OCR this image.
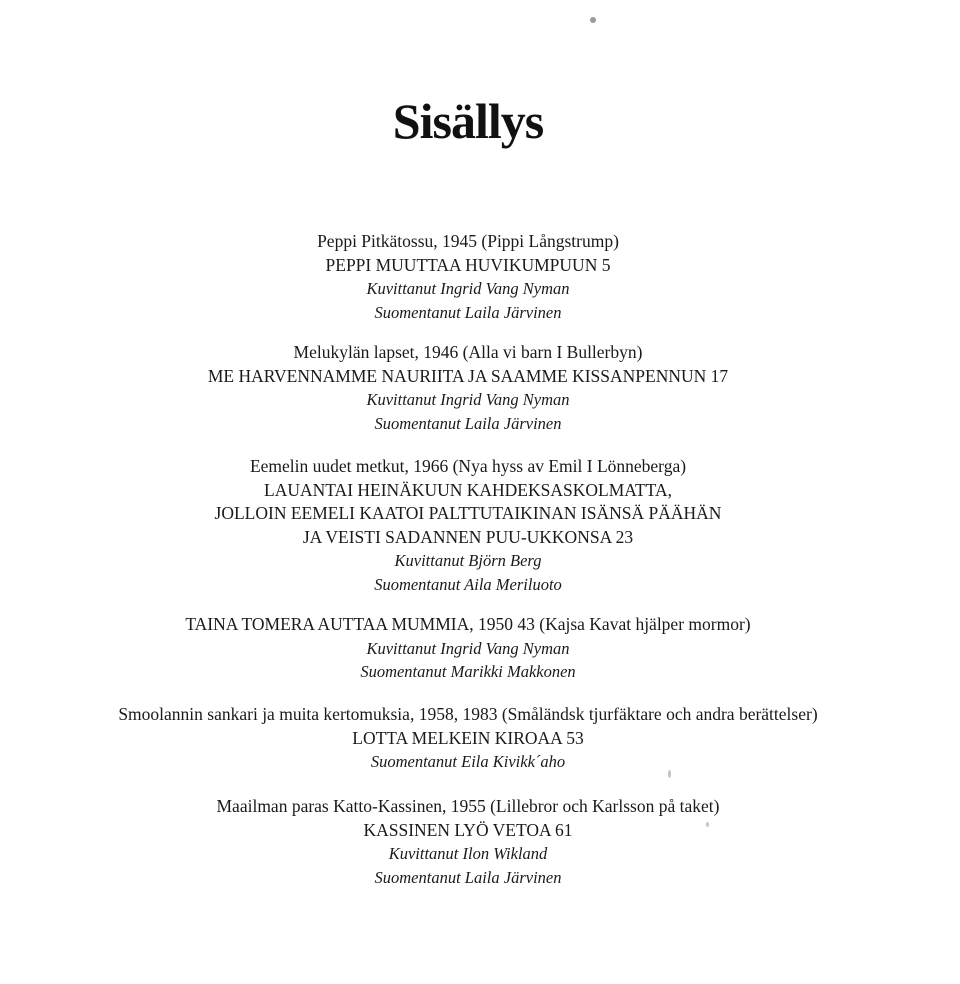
Sisällys
Peppi Pitkätossu, 1945 (Pippi Långstrump)
PEPPI MUUTTAA HUVIKUMPUUN 5
Kuvittanut Ingrid Vang Nyman
Suomentanut Laila Järvinen
Melukylän lapset, 1946 (Alla vi barn I Bullerbyn)
ME HARVENNAMME NAURIITA JA SAAMME KISSANPENNUN 17
Kuvittanut Ingrid Vang Nyman
Suomentanut Laila Järvinen
Eemelin uudet metkut, 1966 (Nya hyss av Emil I Lönneberga)
LAUANTAI HEINÄKUUN KAHDEKSASKOLMATTA,
JOLLOIN EEMELI KAATOI PALTTUTAIKINAN ISÄNSÄ PÄÄHÄN
JA VEISTI SADANNEN PUU-UKKONSA 23
Kuvittanut Björn Berg
Suomentanut Aila Meriluoto
TAINA TOMERA AUTTAA MUMMIA, 1950 43 (Kajsa Kavat hjälper mormor)
Kuvittanut Ingrid Vang Nyman
Suomentanut Marikki Makkonen
Smoolannin sankari ja muita kertomuksia, 1958, 1983 (Småländsk tjurfäktare och andra berättelser)
LOTTA MELKEIN KIROAA 53
Suomentanut Eila Kivikk´aho
Maailman paras Katto-Kassinen, 1955 (Lillebror och Karlsson på taket)
KASSINEN LYÖ VETOA 61
Kuvittanut Ilon Wikland
Suomentanut Laila Järvinen
